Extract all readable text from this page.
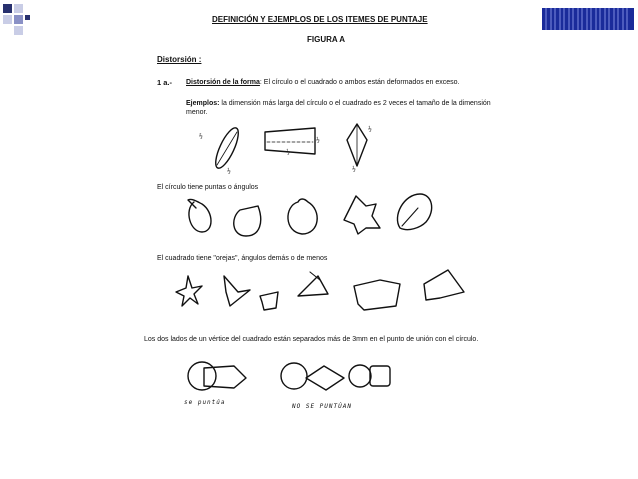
DEFINICIÓN Y EJEMPLOS DE LOS ITEMES DE PUNTAJE
FIGURA A
Distorsión :
1 a.- Distorsión de la forma: El círculo o el cuadrado o ambos están deformados en exceso.
Ejemplos: la dimensión más larga del círculo o el cuadrado es 2 veces el tamaño de la dimensión menor.
⅔
½
½
⅓
½
½
El círculo tiene puntas o ángulos
El cuadrado tiene "orejas", ángulos demás o de menos
Los dos lados de un vértice del cuadrado están separados más de 3mm en el punto de unión con el círculo.
se puntúa
NO SE PUNTÚAN
